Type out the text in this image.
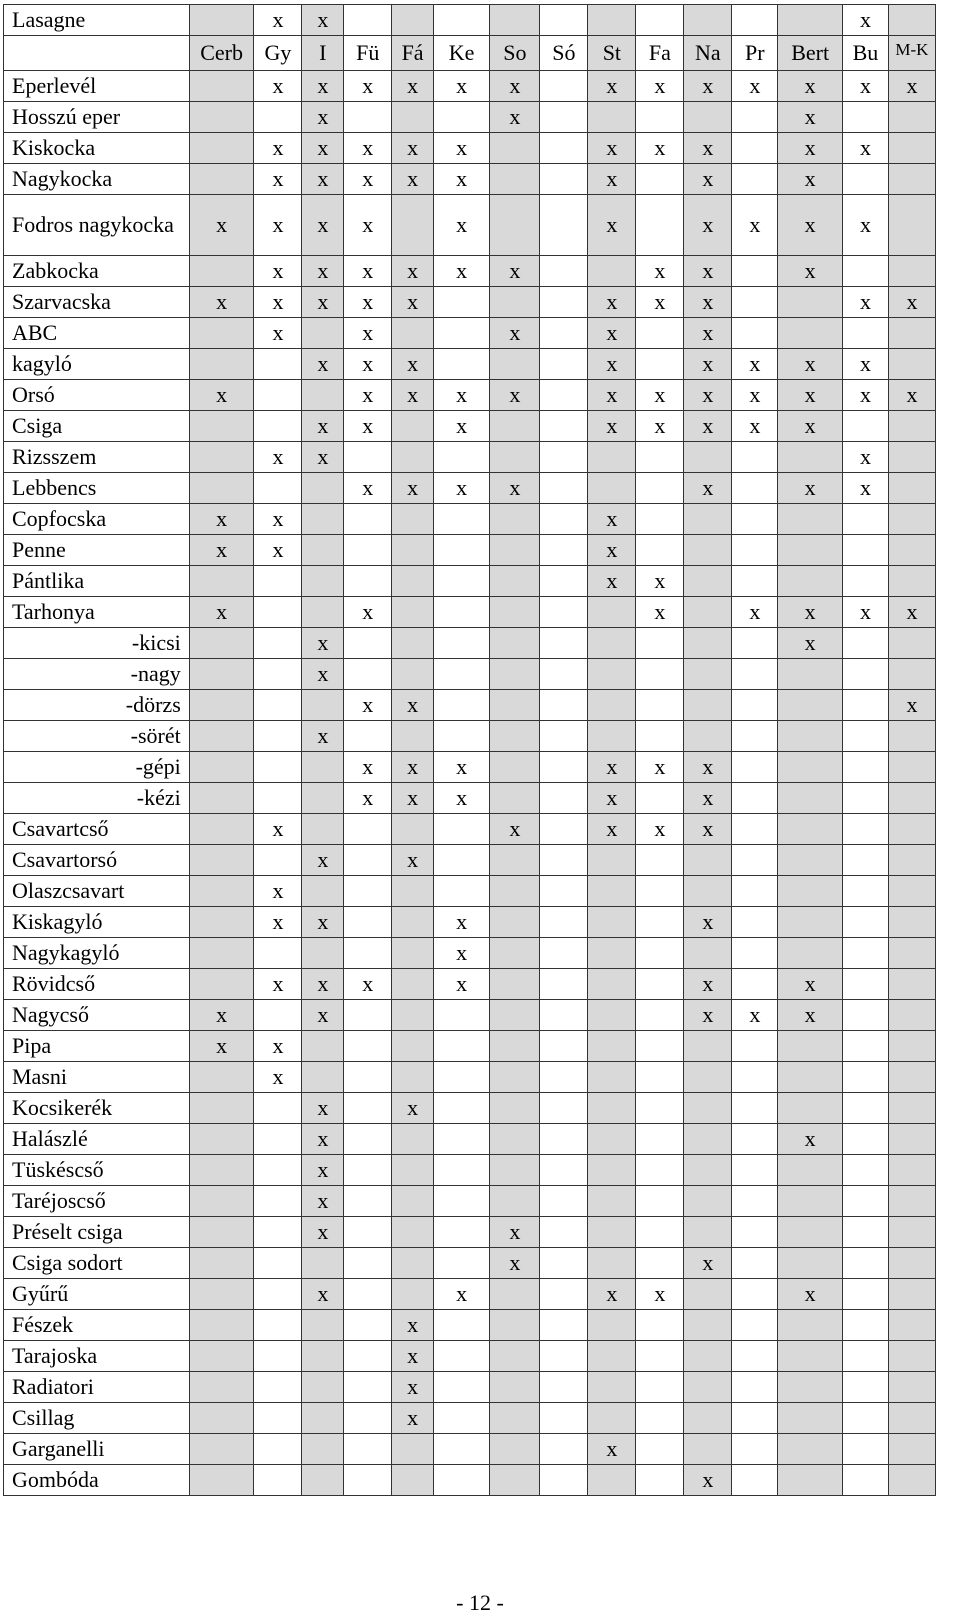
Lasagne		x	x											x	
	Cerb	Gy	I	Fü	Fá	Ke	So	Só	St	Fa	Na	Pr	Bert	Bu	M-K
Eperlevél		x	x	x	x	x	x		x	x	x	x	x	x	x
Hosszú eper			x				x						x		
Kiskocka		x	x	x	x	x			x	x	x		x	x	
Nagykocka		x	x	x	x	x			x		x		x		
Fodros nagykocka	x	x	x	x		x			x		x	x	x	x	
Zabkocka		x	x	x	x	x	x			x	x		x		
Szarvacska	x	x	x	x	x				x	x	x			x	x
ABC		x		x			x		x		x				
kagyló			x	x	x				x		x	x	x	x	
Orsó	x			x	x	x	x		x	x	x	x	x	x	x
Csiga			x	x		x			x	x	x	x	x		
Rizsszem		x	x											x	
Lebbencs				x	x	x	x				x		x	x	
Copfocska	x	x							x						
Penne	x	x							x						
Pántlika									x	x					
Tarhonya	x			x						x		x	x	x	x
-kicsi			x										x		
-nagy			x												
-dörzs				x	x										x
-sörét			x												
-gépi				x	x	x			x	x	x				
-kézi				x	x	x			x		x				
Csavartcső		x					x		x	x	x				
Csavartorsó			x		x										
Olaszcsavart		x													
Kiskagyló		x	x			x					x				
Nagykagyló						x									
Rövidcső		x	x	x		x					x		x		
Nagycső	x		x								x	x	x		
Pipa	x	x													
Masni		x													
Kocsikerék			x		x										
Halászlé			x										x		
Tüskéscső			x												
Taréjoscső			x												
Préselt csiga			x				x								
Csiga sodort							x				x				
Gyűrű			x			x			x	x			x		
Fészek					x										
Tarajoska					x										
Radiatori					x										
Csillag					x										
Garganelli									x						
Gombóda											x				
- 12 -
